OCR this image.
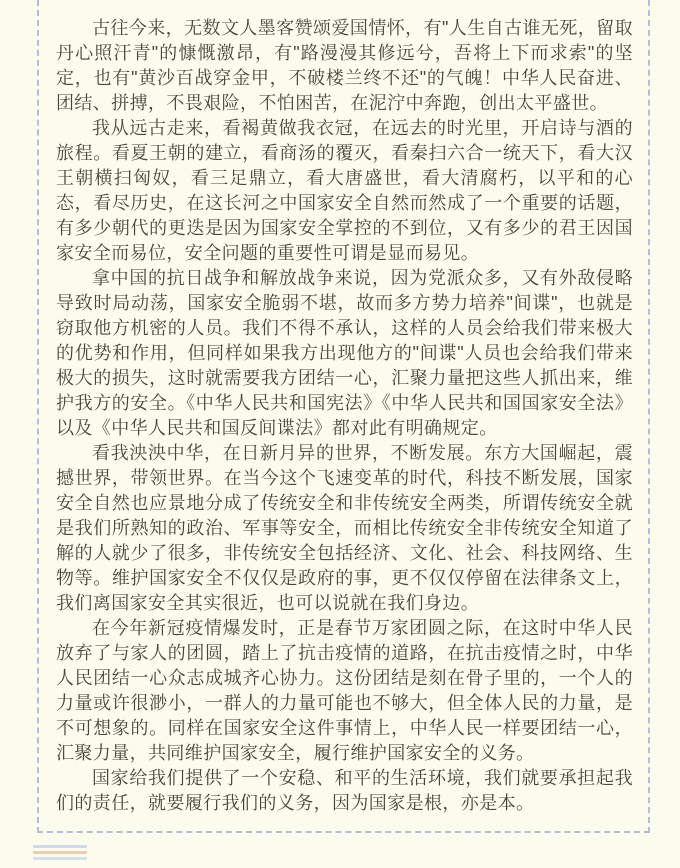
古往今来，无数文人墨客赞颂爱国情怀，有"人生自古谁无死，留取丹心照汗青"的慷慨激昂，有"路漫漫其修远兮，吾将上下而求索"的坚定，也有"黄沙百战穿金甲，不破楼兰终不还"的气魄！中华人民奋进、团结、拼搏，不畏艰险，不怕困苦，在泥泞中奔跑，创出太平盛世。

我从远古走来，看褐黄做我衣冠，在远去的时光里，开启诗与酒的旅程。看夏王朝的建立，看商汤的覆灭，看秦扫六合一统天下，看大汉王朝横扫匈奴，看三足鼎立，看大唐盛世，看大清腐朽，以平和的心态，看尽历史，在这长河之中国家安全自然而然成了一个重要的话题，有多少朝代的更迭是因为国家安全掌控的不到位，又有多少的君王因国家安全而易位，安全问题的重要性可谓是显而易见。

拿中国的抗日战争和解放战争来说，因为党派众多，又有外敌侵略导致时局动荡，国家安全脆弱不堪，故而多方势力培养"间谍"，也就是窃取他方机密的人员。我们不得不承认，这样的人员会给我们带来极大的优势和作用，但同样如果我方出现他方的"间谍"人员也会给我们带来极大的损失，这时就需要我方团结一心，汇聚力量把这些人抓出来，维护我方的安全。《中华人民共和国宪法》《中华人民共和国国家安全法》以及《中华人民共和国反间谍法》都对此有明确规定。

看我泱泱中华，在日新月异的世界，不断发展。东方大国崛起，震撼世界，带领世界。在当今这个飞速变革的时代，科技不断发展，国家安全自然也应景地分成了传统安全和非传统安全两类，所谓传统安全就是我们所熟知的政治、军事等安全，而相比传统安全非传统安全知道了解的人就少了很多，非传统安全包括经济、文化、社会、科技网络、生物等。维护国家安全不仅仅是政府的事，更不仅仅停留在法律条文上，我们离国家安全其实很近，也可以说就在我们身边。

在今年新冠疫情爆发时，正是春节万家团圆之际，在这时中华人民放弃了与家人的团圆，踏上了抗击疫情的道路，在抗击疫情之时，中华人民团结一心众志成城齐心协力。这份团结是刻在骨子里的，一个人的力量或许很渺小，一群人的力量可能也不够大，但全体人民的力量，是不可想象的。同样在国家安全这件事情上，中华人民一样要团结一心，汇聚力量，共同维护国家安全，履行维护国家安全的义务。

国家给我们提供了一个安稳、和平的生活环境，我们就要承担起我们的责任，就要履行我们的义务，因为国家是根，亦是本。
